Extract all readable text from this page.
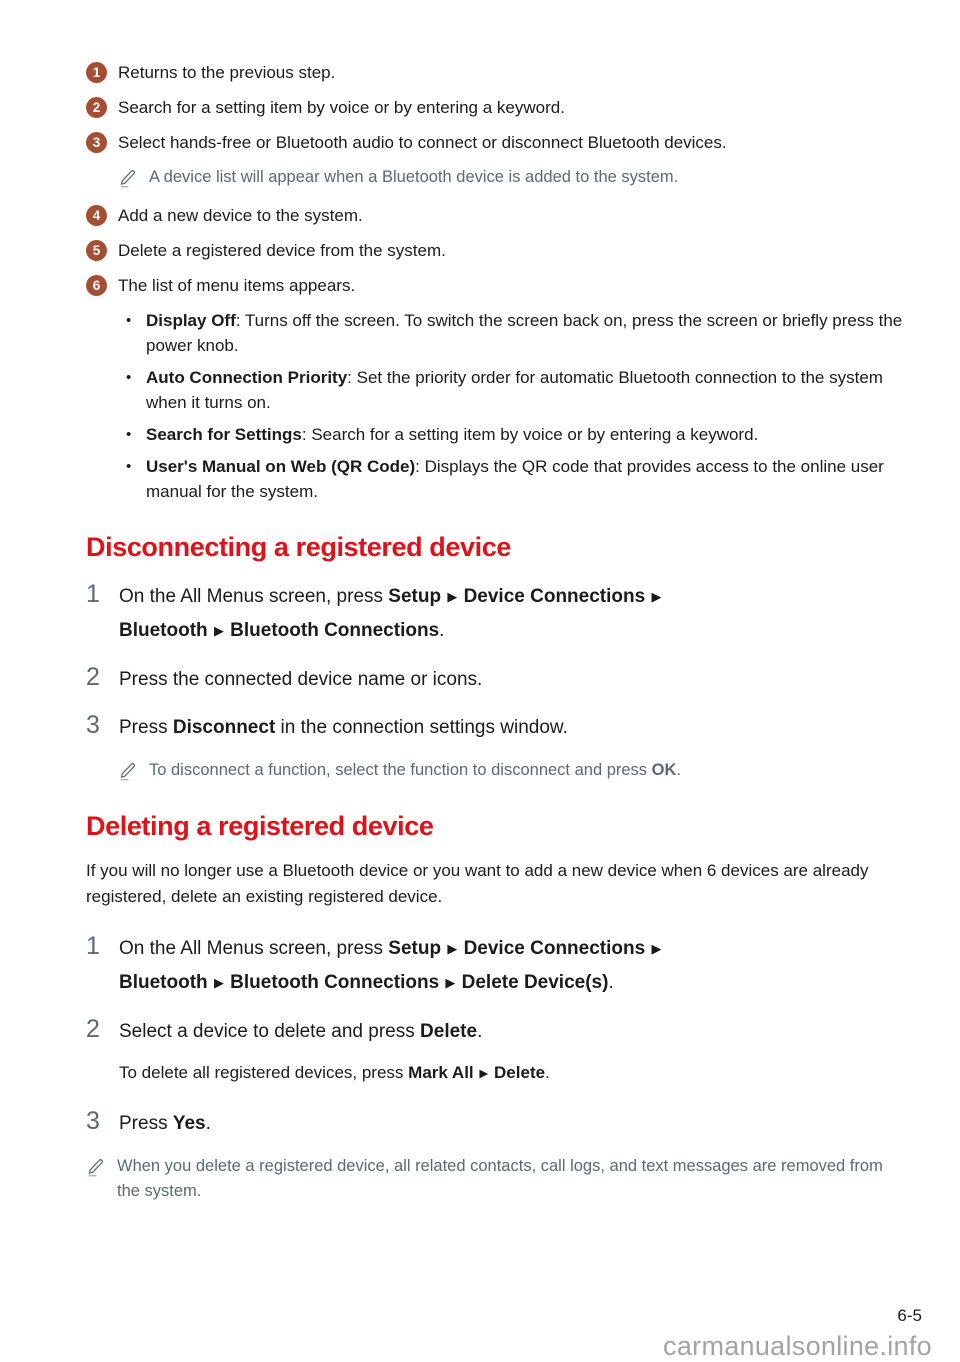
1	Returns to the previous step.
2	Search for a setting item by voice or by entering a keyword.
3	Select hands-free or Bluetooth audio to connect or disconnect Bluetooth devices.
A device list will appear when a Bluetooth device is added to the system.
4	Add a new device to the system.
5	Delete a registered device from the system.
6	The list of menu items appears.
• Display Off: Turns off the screen. To switch the screen back on, press the screen or briefly press the power knob.
• Auto Connection Priority: Set the priority order for automatic Bluetooth connection to the system when it turns on.
• Search for Settings: Search for a setting item by voice or by entering a keyword.
• User's Manual on Web (QR Code): Displays the QR code that provides access to the online user manual for the system.
Disconnecting a registered device
1	On the All Menus screen, press Setup ▶ Device Connections ▶
Bluetooth ▶ Bluetooth Connections.
2	Press the connected device name or icons.
3	Press Disconnect in the connection settings window.
To disconnect a function, select the function to disconnect and press OK.
Deleting a registered device

If you will no longer use a Bluetooth device or you want to add a new device when 6 devices are already registered, delete an existing registered device.

1	On the All Menus screen, press Setup ▶ Device Connections ▶
Bluetooth ▶ Bluetooth Connections ▶ Delete Device(s).
2	Select a device to delete and press Delete.
To delete all registered devices, press Mark All ▶ Delete.
3	Press Yes.
When you delete a registered device, all related contacts, call logs, and text messages are removed from the system.
6-5
carmanualsonline.info
